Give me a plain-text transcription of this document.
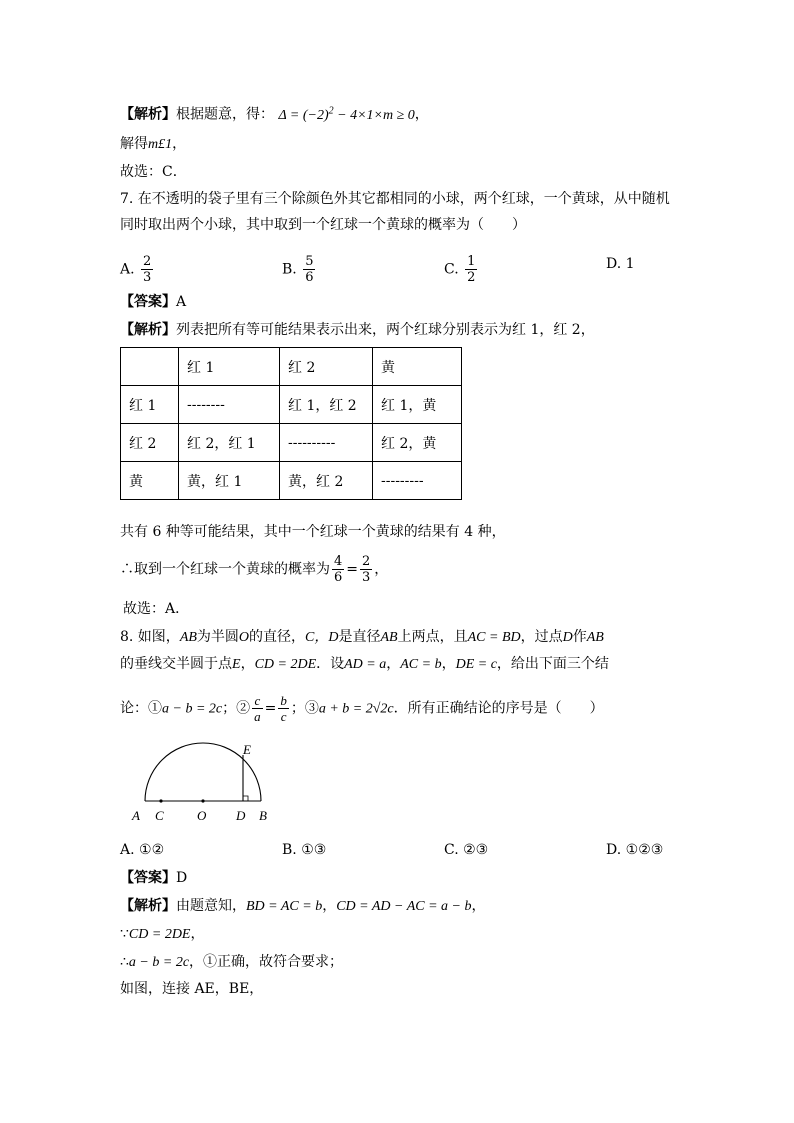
【解析】根据题意，得： $\Delta = (-2)^2 - 4\times 1\times m \ge 0$，
解得m£1，
故选：C．
7. 在不透明的袋子里有三个除颜色外其它都相同的小球，两个红球，一个黄球，从中随机
同时取出两个小球，其中取到一个红球一个黄球的概率为（　　）
A. $\frac{2}{3}$	B. $\frac{5}{6}$	C. $\frac{1}{2}$	D. 1
【答案】A
【解析】列表把所有等可能结果表示出来，两个红球分别表示为红 1，红 2，
	红 1	红 2	黄
红 1	--------	红 1，红 2	红 1，黄
红 2	红 2，红 1	----------	红 2，黄
黄	黄，红 1	黄，红 2	---------
共有 6 种等可能结果，其中一个红球一个黄球的结果有 4 种，
∴取到一个红球一个黄球的概率为 $\frac{4}{6} = \frac{2}{3}$ ，
故选：A．
8. 如图，AB为半圆O的直径，C，D是直径AB上两点，且AC = BD，过点D作AB
的垂线交半圆于点E，CD = 2DE．设AD = a，AC = b，DE = c，给出下面三个结
论：①a − b = 2c；② $\frac{c}{a} = \frac{b}{c}$ ；③a + b = 2√2c．所有正确结论的序号是（　　）
A C	O D B
E
A. ①②	B. ①③	C. ②③	D. ①②③
【答案】D
【解析】由题意知，BD = AC = b，CD = AD − AC = a − b，
∵CD = 2DE，
∴a − b = 2c，①正确，故符合要求；
如图，连接 AE，BE，
